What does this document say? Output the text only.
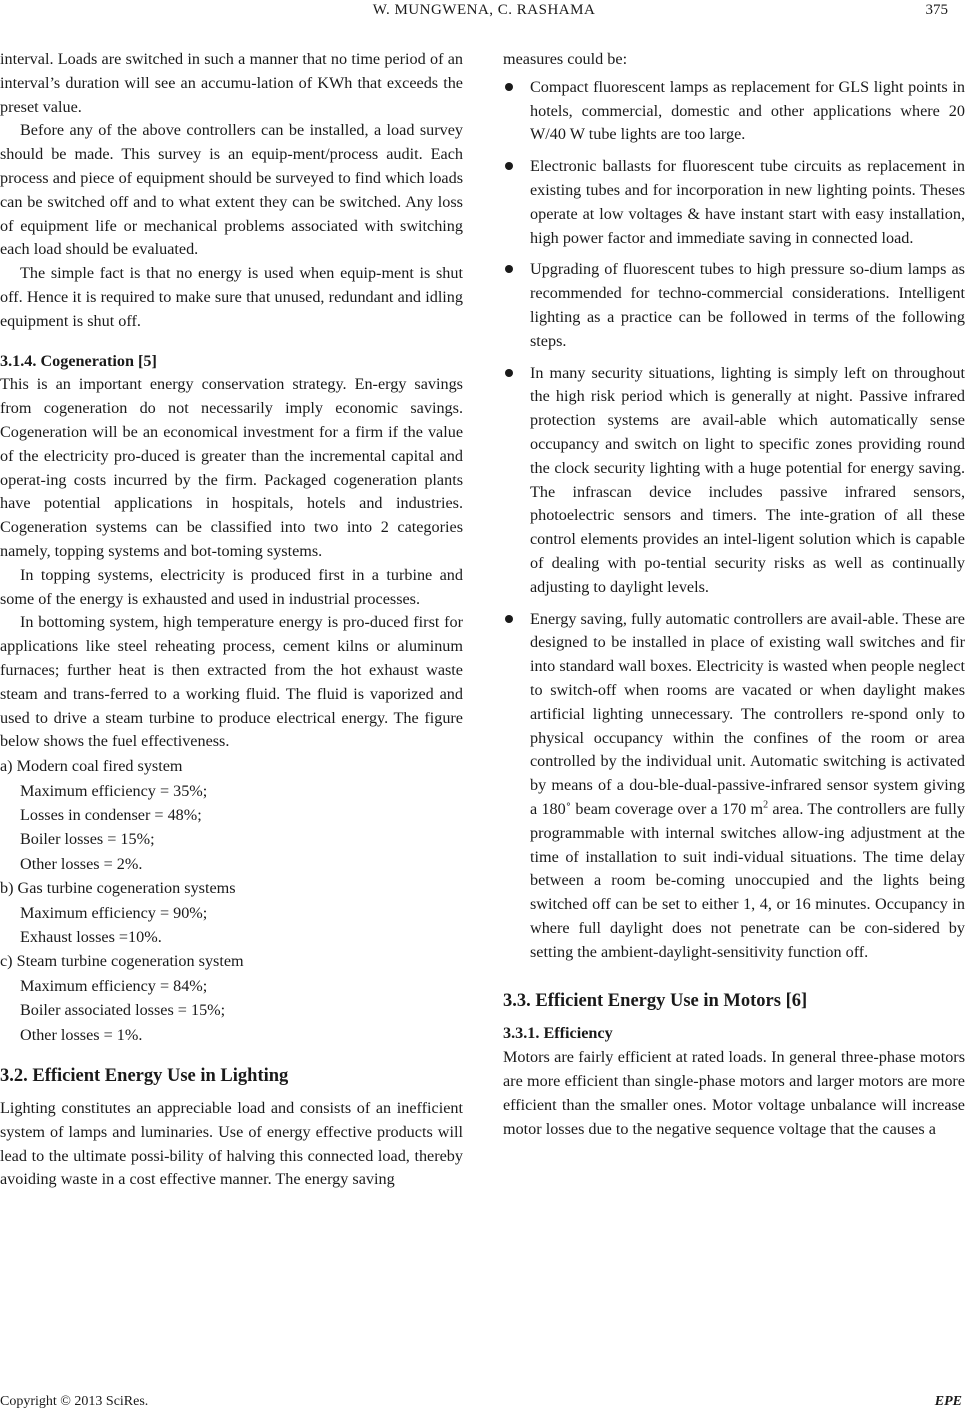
W. MUNGWENA, C. RASHAMA	375

interval. Loads are switched in such a manner that no time period of an interval’s duration will see an accumu-lation of KWh that exceeds the preset value.

Before any of the above controllers can be installed, a load survey should be made. This survey is an equip-ment/process audit. Each process and piece of equipment should be surveyed to find which loads can be switched off and to what extent they can be switched. Any loss of equipment life or mechanical problems associated with switching each load should be evaluated.

The simple fact is that no energy is used when equip-ment is shut off. Hence it is required to make sure that unused, redundant and idling equipment is shut off.

3.1.4. Cogeneration [5]

This is an important energy conservation strategy. En-ergy savings from cogeneration do not necessarily imply economic savings. Cogeneration will be an economical investment for a firm if the value of the electricity pro-duced is greater than the incremental capital and operat-ing costs incurred by the firm. Packaged cogeneration plants have potential applications in hospitals, hotels and industries. Cogeneration systems can be classified into two into 2 categories namely, topping systems and bot-toming systems.

In topping systems, electricity is produced first in a turbine and some of the energy is exhausted and used in industrial processes.

In bottoming system, high temperature energy is pro-duced first for applications like steel reheating process, cement kilns or aluminum furnaces; further heat is then extracted from the hot exhaust waste steam and trans-ferred to a working fluid. The fluid is vaporized and used to drive a steam turbine to produce electrical energy. The figure below shows the fuel effectiveness.

a) Modern coal fired system
Maximum efficiency = 35%;
Losses in condenser = 48%;
Boiler losses = 15%;
Other losses = 2%.
b) Gas turbine cogeneration systems
Maximum efficiency = 90%;
Exhaust losses =10%.
c) Steam turbine cogeneration system
Maximum efficiency = 84%;
Boiler associated losses = 15%;
Other losses = 1%.
3.2. Efficient Energy Use in Lighting

Lighting constitutes an appreciable load and consists of an inefficient system of lamps and luminaries. Use of energy effective products will lead to the ultimate possi-bility of halving this connected load, thereby avoiding waste in a cost effective manner. The energy saving

measures could be:

Compact fluorescent lamps as replacement for GLS light points in hotels, commercial, domestic and other applications where 20 W/40 W tube lights are too large.

Electronic ballasts for fluorescent tube circuits as replacement in existing tubes and for incorporation in new lighting points. Theses operate at low voltages & have instant start with easy installation, high power factor and immediate saving in connected load.

Upgrading of fluorescent tubes to high pressure so-dium lamps as recommended for techno-commercial considerations. Intelligent lighting as a practice can be followed in terms of the following steps.

In many security situations, lighting is simply left on throughout the high risk period which is generally at night. Passive infrared protection systems are avail-able which automatically sense occupancy and switch on light to specific zones providing round the clock security lighting with a huge potential for energy saving. The infrascan device includes passive infrared sensors, photoelectric sensors and timers. The inte-gration of all these control elements provides an intel-ligent solution which is capable of dealing with po-tential security risks as well as continually adjusting to daylight levels.

Energy saving, fully automatic controllers are avail-able. These are designed to be installed in place of existing wall switches and fir into standard wall boxes. Electricity is wasted when people neglect to switch-off when rooms are vacated or when daylight makes artificial lighting unnecessary. The controllers re-spond only to physical occupancy within the confines of the room or area controlled by the individual unit. Automatic switching is activated by means of a dou-ble-dual-passive-infrared sensor system giving a 180˚ beam coverage over a 170 $m^2$ area. The controllers are fully programmable with internal switches allow-ing adjustment at the time of installation to suit indi-vidual situations. The time delay between a room be-coming unoccupied and the lights being switched off can be set to either 1, 4, or 16 minutes. Occupancy in where full daylight does not penetrate can be con-sidered by setting the ambient-daylight-sensitivity function off.

3.3. Efficient Energy Use in Motors [6]
3.3.1. Efficiency

Motors are fairly efficient at rated loads. In general three-phase motors are more efficient than single-phase motors and larger motors are more efficient than the smaller ones. Motor voltage unbalance will increase motor losses due to the negative sequence voltage that the causes a

Copyright © 2013 SciRes.	EPE
